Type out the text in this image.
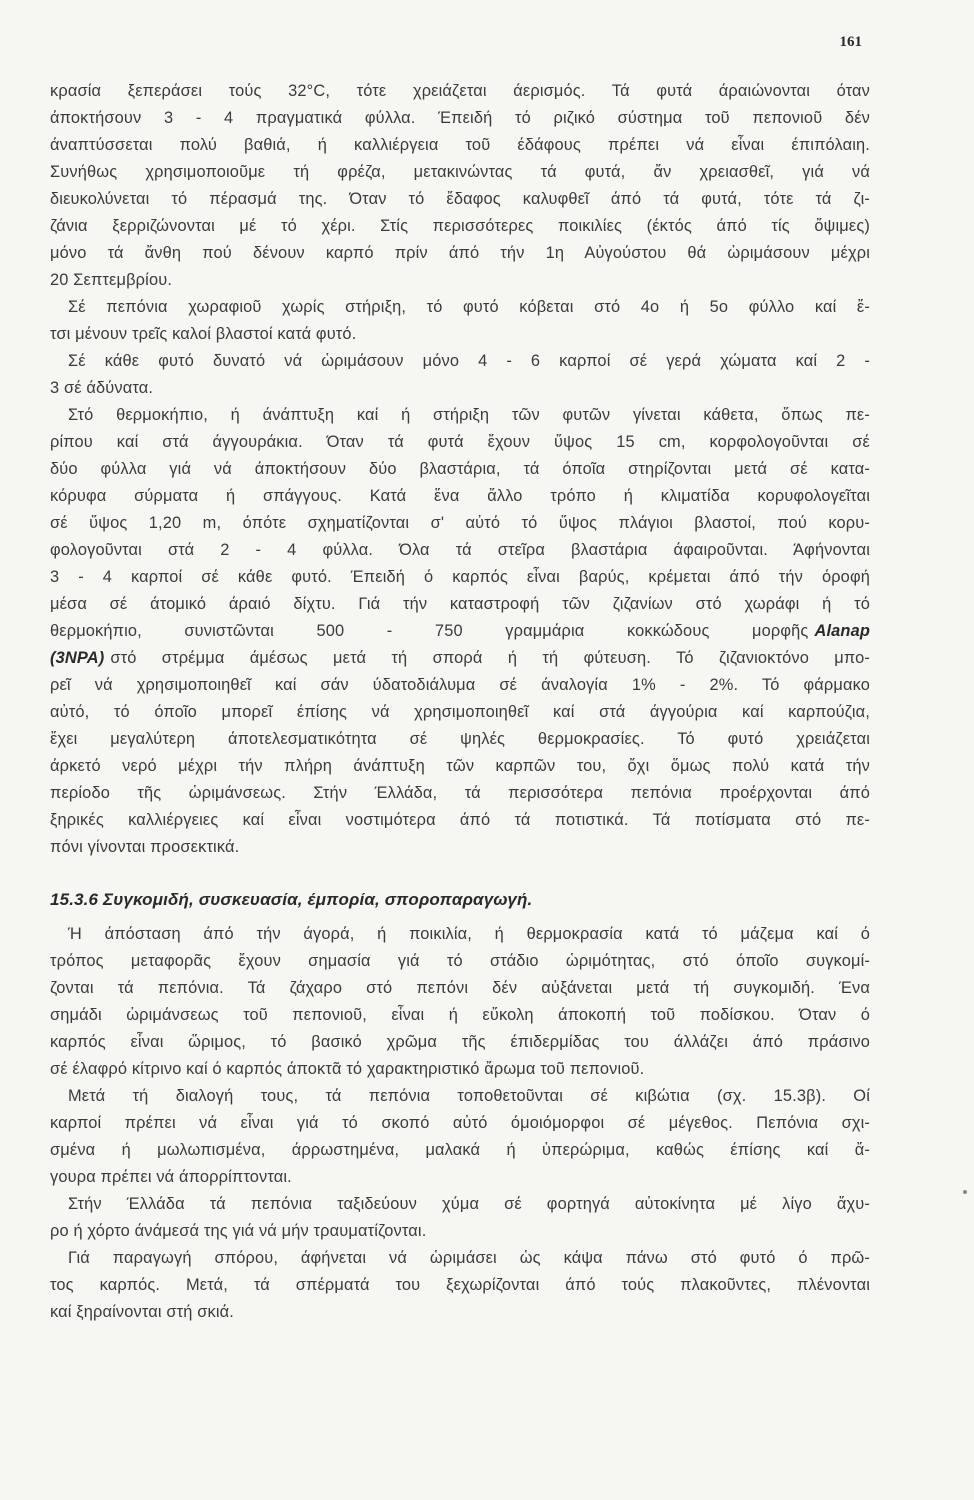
161
κρασία ξεπεράσει τούς 32°C, τότε χρειάζεται άερισμός. Τά φυτά άραιώνονται όταν
άποκτήσουν 3 - 4 πραγματικά φύλλα. Έπειδή τό ριζικό σύστημα τοῦ πεπονιοῦ δέν
άναπτύσσεται πολύ βαθιά, ή καλλιέργεια τοῦ έδάφους πρέπει νά εἶναι έπιπόλαιη.
Συνήθως χρησιμοποιοῦμε τή φρέζα, μετακινώντας τά φυτά, ἄν χρειασθεῖ, γιά νά
διευκολύνεται τό πέρασμά της. Όταν τό ἔδαφος καλυφθεῖ άπό τά φυτά, τότε τά ζι-
ζάνια ξερριζώνονται μέ τό χέρι. Στίς περισσότερες ποικιλίες (έκτός άπό τίς ὄψιμες)
μόνο τά ἄνθη πού δένουν καρπό πρίν άπό τήν 1η Αὐγούστου θά ὡριμάσουν μέχρι
20 Σεπτεμβρίου.
Σέ πεπόνια χωραφιοῦ χωρίς στήριξη, τό φυτό κόβεται στό 4ο ή 5ο φύλλο καί ἔ-
τσι μένουν τρεῖς καλοί βλαστοί κατά φυτό.
Σέ κάθε φυτό δυνατό νά ὡριμάσουν μόνο 4 - 6 καρποί σέ γερά χώματα καί 2 -
3 σέ άδύνατα.
Στό θερμοκήπιο, ή άνάπτυξη καί ή στήριξη τῶν φυτῶν γίνεται κάθετα, ὅπως πε-
ρίπου καί στά άγγουράκια. Όταν τά φυτά ἔχουν ὕψος 15 cm, κορφολογοῦνται σέ
δύο φύλλα γιά νά άποκτήσουν δύο βλαστάρια, τά όποῖα στηρίζονται μετά σέ κατα-
κόρυφα σύρματα ή σπάγγους. Κατά ἕνα ἄλλο τρόπο ή κλιματίδα κορυφολογεῖται
σέ ὕψος 1,20 m, όπότε σχηματίζονται σ' αὐτό τό ὕψος πλάγιοι βλαστοί, πού κορυ-
φολογοῦνται στά 2 - 4 φύλλα. Όλα τά στεῖρα βλαστάρια άφαιροῦνται. Άφήνονται
3 - 4 καρποί σέ κάθε φυτό. Έπειδή ό καρπός εἶναι βαρύς, κρέμεται άπό τήν όροφή
μέσα σέ άτομικό άραιό δίχτυ. Γιά τήν καταστροφή τῶν ζιζανίων στό χωράφι ή τό
θερμοκήπιο, συνιστῶνται 500 - 750 γραμμάρια κοκκώδους μορφῆς Alanap
(3NPA) στό στρέμμα άμέσως μετά τή σπορά ή τή φύτευση. Τό ζιζανιοκτόνο μπο-
ρεῖ νά χρησιμοποιηθεῖ καί σάν ύδατοδιάλυμα σέ άναλογία 1% - 2%. Τό φάρμακο
αὐτό, τό όποῖο μπορεῖ έπίσης νά χρησιμοποιηθεῖ καί στά άγγούρια καί καρπούζια,
ἔχει μεγαλύτερη άποτελεσματικότητα σέ ψηλές θερμοκρασίες. Τό φυτό χρειάζεται
άρκετό νερό μέχρι τήν πλήρη άνάπτυξη τῶν καρπῶν του, ὄχι ὅμως πολύ κατά τήν
περίοδο τῆς ὡριμάνσεως. Στήν Έλλάδα, τά περισσότερα πεπόνια προέρχονται άπό
ξηρικές καλλιέργειες καί εἶναι νοστιμότερα άπό τά ποτιστικά. Τά ποτίσματα στό πε-
πόνι γίνονται προσεκτικά.
15.3.6 Συγκομιδή, συσκευασία, έμπορία, σποροπαραγωγή.
Ή άπόσταση άπό τήν άγορά, ή ποικιλία, ή θερμοκρασία κατά τό μάζεμα καί ό
τρόπος μεταφορᾶς ἔχουν σημασία γιά τό στάδιο ὡριμότητας, στό όποῖο συγκομί-
ζονται τά πεπόνια. Τά ζάχαρο στό πεπόνι δέν αὐξάνεται μετά τή συγκομιδή. Ένα
σημάδι ὡριμάνσεως τοῦ πεπονιοῦ, εἶναι ή εὔκολη άποκοπή τοῦ ποδίσκου. Όταν ό
καρπός εἶναι ὥριμος, τό βασικό χρῶμα τῆς έπιδερμίδας του άλλάζει άπό πράσινο
σέ έλαφρό κίτρινο καί ό καρπός άποκτᾶ τό χαρακτηριστικό ἄρωμα τοῦ πεπονιοῦ.
Μετά τή διαλογή τους, τά πεπόνια τοποθετοῦνται σέ κιβώτια (σχ. 15.3β). Οί
καρποί πρέπει νά εἶναι γιά τό σκοπό αὐτό όμοιόμορφοι σέ μέγεθος. Πεπόνια σχι-
σμένα ή μωλωπισμένα, άρρωστημένα, μαλακά ή ὑπερώριμα, καθώς έπίσης καί ἄ-
γουρα πρέπει νά άπορρίπτονται.
Στήν Έλλάδα τά πεπόνια ταξιδεύουν χύμα σέ φορτηγά αὐτοκίνητα μέ λίγο ἄχυ-
ρο ή χόρτο άνάμεσά της γιά νά μήν τραυματίζονται.
Γιά παραγωγή σπόρου, άφήνεται νά ὡριμάσει ὡς κάψα πάνω στό φυτό ό πρῶ-
τος καρπός. Μετά, τά σπέρματά του ξεχωρίζονται άπό τούς πλακοῦντες, πλένονται
καί ξηραίνονται στή σκιά.
